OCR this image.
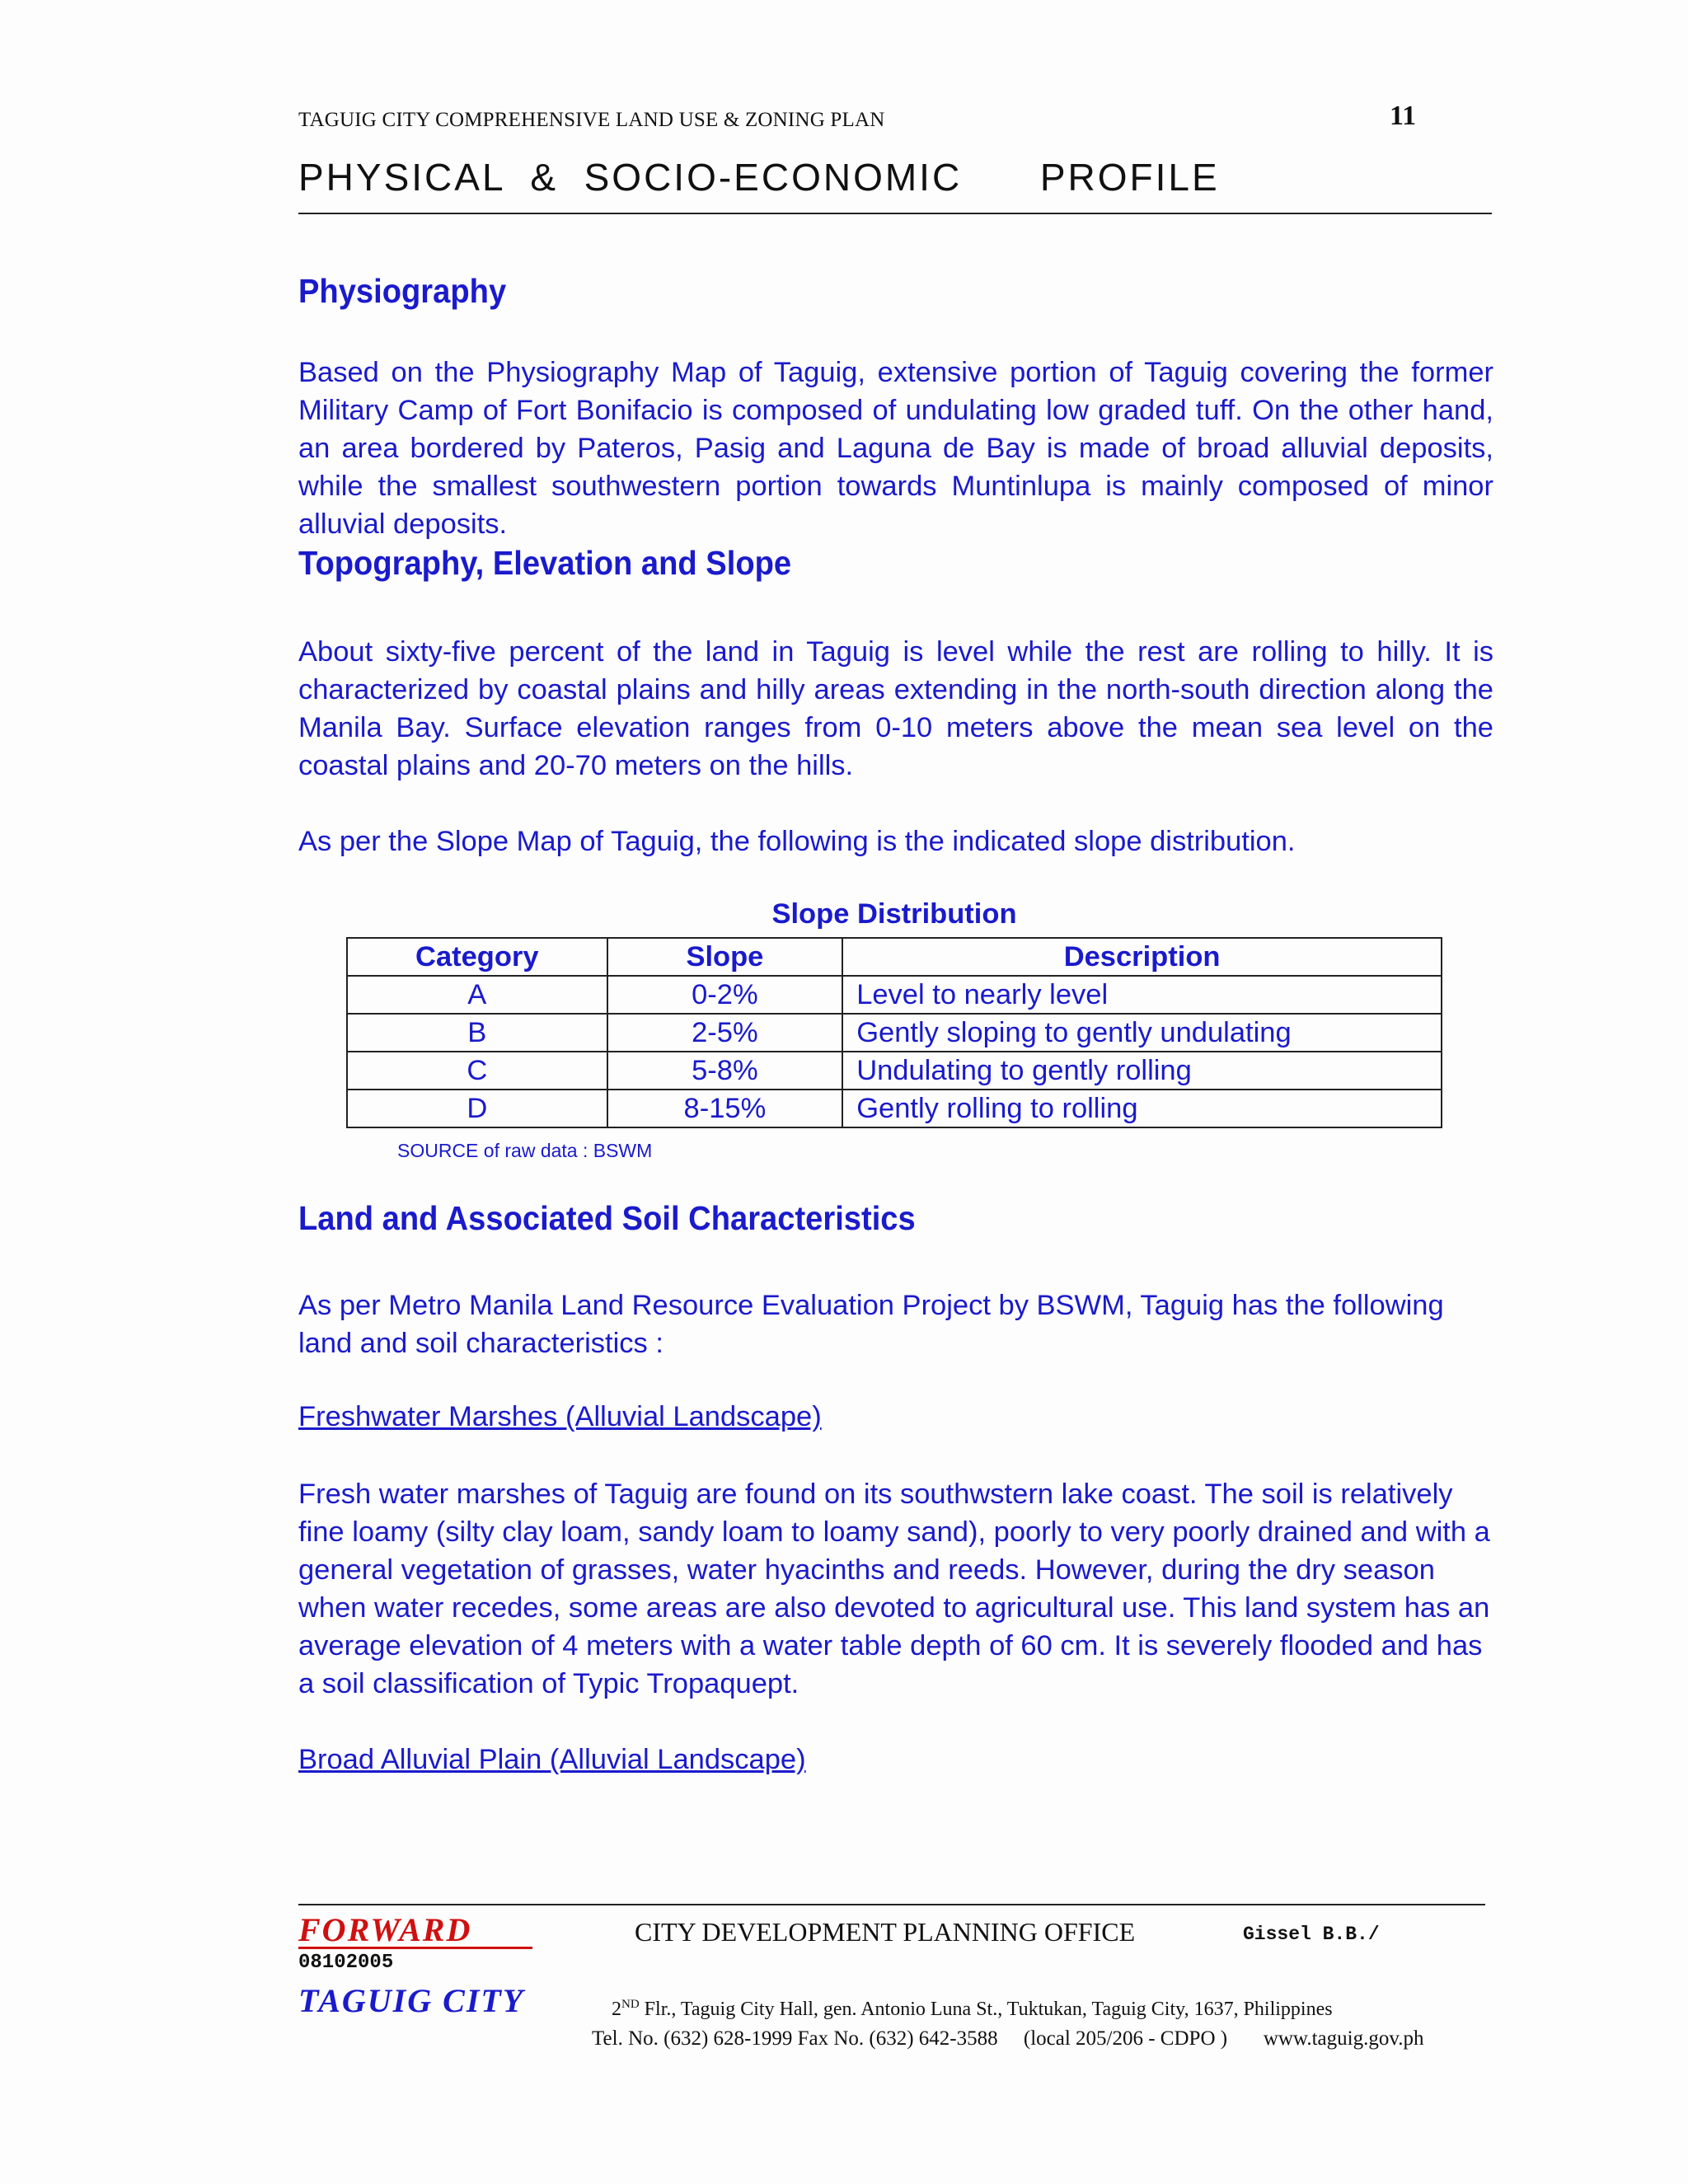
TAGUIG CITY COMPREHENSIVE LAND USE & ZONING PLAN	11
PHYSICAL  &  SOCIO-ECONOMIC      PROFILE
Physiography
Based on the Physiography Map of Taguig, extensive portion of Taguig covering the former Military Camp of Fort Bonifacio is composed of undulating low graded tuff. On the other hand, an area bordered by Pateros, Pasig and Laguna de Bay is made of broad alluvial deposits, while the smallest southwestern portion towards Muntinlupa is mainly composed of minor alluvial deposits.
Topography, Elevation and Slope
About sixty-five percent of the land in Taguig is level while the rest are rolling to hilly. It is characterized by coastal plains and hilly areas extending in the north-south direction along the Manila Bay. Surface elevation ranges from 0-10 meters above the mean sea level on the coastal plains and 20-70 meters on the hills.
As per the Slope Map of Taguig, the following is the indicated slope distribution.
Slope Distribution
Category	Slope	Description
A	0-2%	Level to nearly level
B	2-5%	Gently sloping to gently undulating
C	5-8%	Undulating to gently rolling
D	8-15%	Gently rolling to rolling
SOURCE of raw data : BSWM
Land and Associated Soil Characteristics
As per Metro Manila Land Resource Evaluation Project by BSWM, Taguig has the following land and soil characteristics :
Freshwater Marshes (Alluvial Landscape)
Fresh water marshes of Taguig are found on its southwstern lake coast. The soil is relatively fine loamy (silty clay loam, sandy loam to loamy sand), poorly to very poorly drained and with a general vegetation of grasses, water hyacinths and reeds. However, during the dry season when water recedes, some areas are also devoted to agricultural use. This land system has an average elevation of 4 meters with a water table depth of 60 cm. It is severely flooded and has a soil classification of Typic Tropaquept.
Broad Alluvial Plain (Alluvial Landscape)
FORWARD
08102005
TAGUIG CITY
CITY DEVELOPMENT PLANNING OFFICE	Gissel B.B./
2ND Flr., Taguig City Hall, gen. Antonio Luna St., Tuktukan, Taguig City, 1637, Philippines
Tel. No. (632) 628-1999 Fax No. (632) 642-3588     (local 205/206 - CDPO )       www.taguig.gov.ph
